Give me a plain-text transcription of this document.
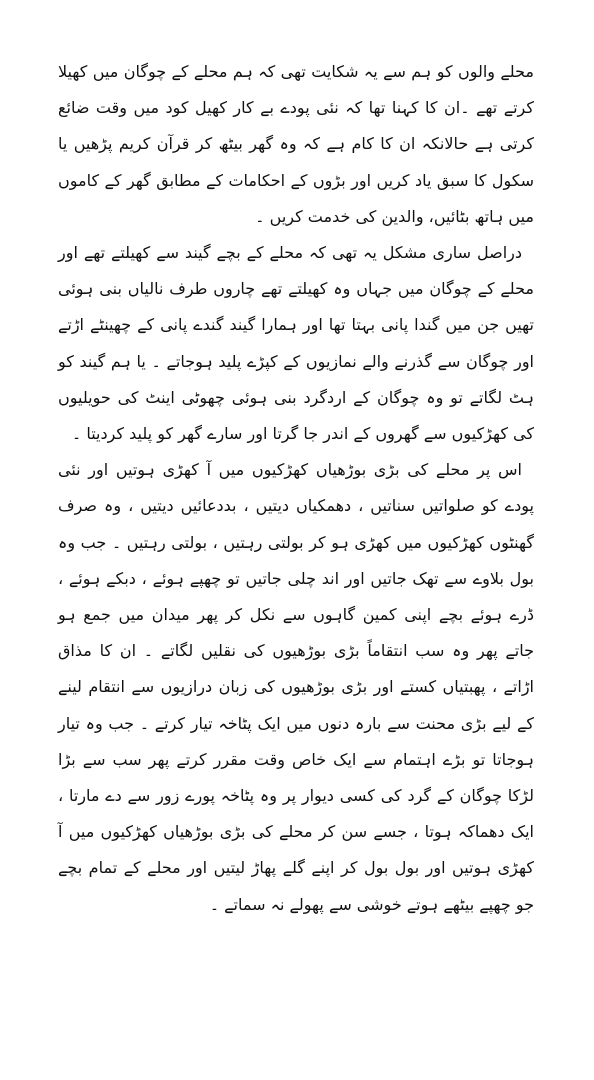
محلے والوں کو ہم سے یہ شکایت تھی کہ ہم محلے کے چوگان میں کھیلا کرتے تھے ۔ان کا کہنا تھا کہ نئی پودے بے کار کھیل کود میں وقت ضائع کرتی ہے حالانکہ ان کا کام ہے کہ وہ گھر بیٹھ کر قرآن کریم پڑھیں یا سکول کا سبق یاد کریں اور بڑوں کے احکامات کے مطابق گھر کے کاموں میں ہاتھ بٹائیں، والدین کی خدمت کریں ۔

دراصل ساری مشکل یہ تھی کہ محلے کے بچے گیند سے کھیلتے تھے اور محلے کے چوگان میں جہاں وہ کھیلتے تھے چاروں طرف نالیاں بنی ہوئی تھیں جن میں گندا پانی بہتا تھا اور ہمارا گیند گندے پانی کے چھینٹے اڑتے اور چوگان سے گذرنے والے نمازیوں کے کپڑے پلید ہوجاتے ۔ یا ہم گیند کو ہٹ لگاتے تو وہ چوگان کے اردگرد بنی ہوئی چھوٹی اینٹ کی حویلیوں کی کھڑکیوں سے گھروں کے اندر جا گرتا اور سارے گھر کو پلید کردیتا ۔

اس پر محلے کی بڑی بوڑھیاں کھڑکیوں میں آ کھڑی ہوتیں اور نئی پودے کو صلواتیں سناتیں ، دھمکیاں دیتیں ، بددعائیں دیتیں ، وہ صرف گھنٹوں کھڑکیوں میں کھڑی ہو کر بولتی رہتیں ، بولتی رہتیں ۔ جب وہ بول بلاوے سے تھک جاتیں اور اند چلی جاتیں تو چھپے ہوئے ، دبکے ہوئے ، ڈرے ہوئے بچے اپنی کمین گاہوں سے نکل کر پھر میدان میں جمع ہو جاتے پھر وہ سب انتقاماً بڑی بوڑھیوں کی نقلیں لگاتے ۔ ان کا مذاق اڑاتے ، پھبتیاں کستے اور بڑی بوڑھیوں کی زبان درازیوں سے انتقام لینے کے لیے بڑی محنت سے بارہ دنوں میں ایک پٹاخہ تیار کرتے ۔ جب وہ تیار ہوجاتا تو بڑے اہتمام سے ایک خاص وقت مقرر کرتے پھر سب سے بڑا لڑکا چوگان کے گرد کی کسی دیوار پر وہ پٹاخہ پورے زور سے دے مارتا ، ایک دھماکہ ہوتا ، جسے سن کر محلے کی بڑی بوڑھیاں کھڑکیوں میں آ کھڑی ہوتیں اور بول بول کر اپنے گلے پھاڑ لیتیں اور محلے کے تمام بچے جو چھپے بیٹھے ہوتے خوشی سے پھولے نہ سماتے ۔
